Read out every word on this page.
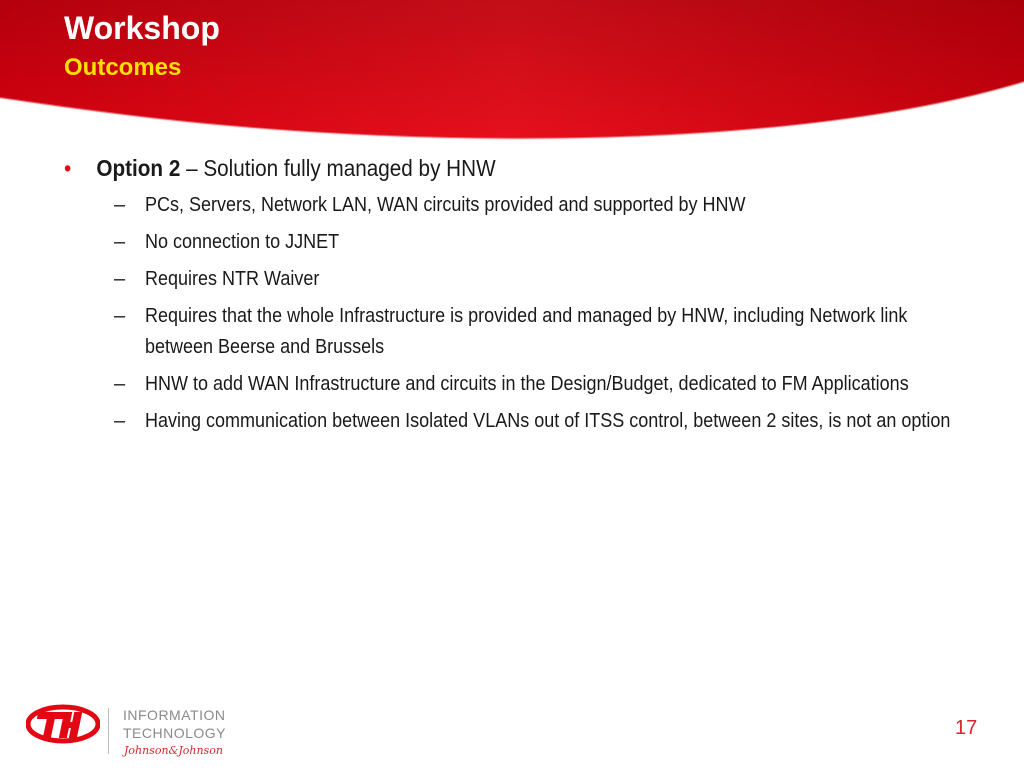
Workshop
Outcomes
• Option 2 – Solution fully managed by HNW
– PCs, Servers, Network LAN, WAN circuits provided and supported by HNW
– No connection to JJNET
– Requires NTR Waiver
– Requires that the whole Infrastructure is provided and managed by HNW, including Network link between Beerse and Brussels
– HNW to add WAN Infrastructure and circuits in the Design/Budget, dedicated to FM Applications
– Having communication between Isolated VLANs out of ITSS control, between 2 sites, is not an option
INFORMATION
TECHNOLOGY
Johnson&Johnson
17
